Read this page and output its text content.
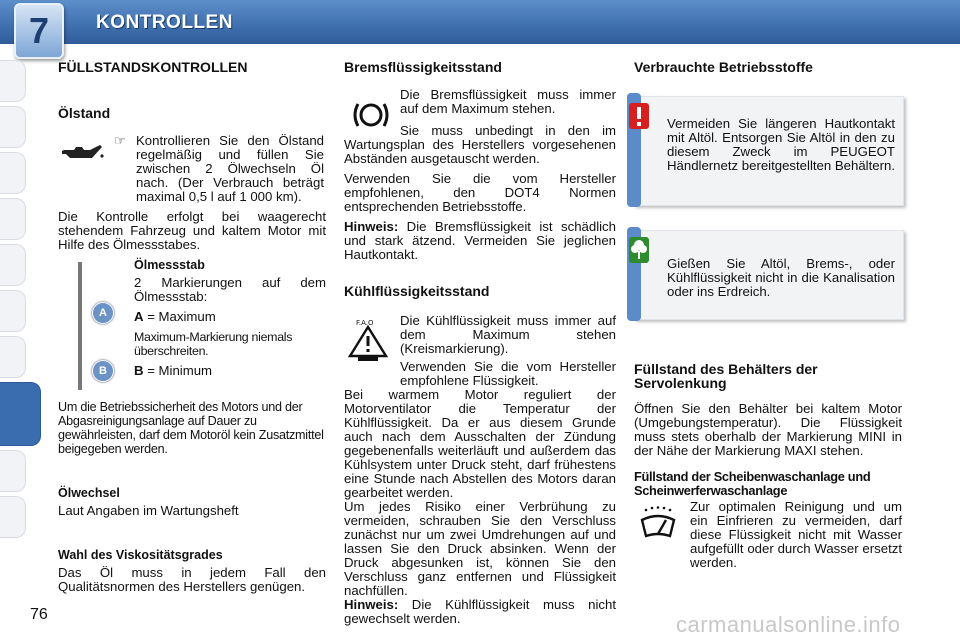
7	KONTROLLEN
FÜLLSTANDSKONTROLLEN
Ölstand
☞ Kontrollieren Sie den Ölstand regelmäßig und füllen Sie zwischen 2 Ölwechseln Öl nach. (Der Verbrauch beträgt maximal 0,5 l auf 1 000 km).

Die Kontrolle erfolgt bei waagerecht stehendem Fahrzeug und kaltem Motor mit Hilfe des Ölmessstabes.

A
B
Ölmessstab

2 Markierungen auf dem Ölmessstab:

A = Maximum

Maximum-Markierung niemals überschreiten.

B = Minimum

Um die Betriebssicherheit des Motors und der Abgasreinigungsanlage auf Dauer zu gewährleisten, darf dem Motoröl kein Zusatzmittel beigegeben werden.

Ölwechsel

Laut Angaben im Wartungsheft

Wahl des Viskositätsgrades

Das Öl muss in jedem Fall den Qualitätsnormen des Herstellers genügen.

Bremsflüssigkeitsstand

Die Bremsflüssigkeit muss immer auf dem Maximum stehen.

Sie muss unbedingt in den im Wartungsplan des Herstellers vorgesehenen Abständen ausgetauscht werden.

Verwenden Sie die vom Hersteller empfohlenen, den DOT4 Normen entsprechenden Betriebsstoffe.

Hinweis: Die Bremsflüssigkeit ist schädlich und stark ätzend. Vermeiden Sie jeglichen Hautkontakt.

Kühlflüssigkeitsstand
F.A.O Die Kühlflüssigkeit muss immer auf dem Maximum stehen (Kreismarkierung).

Verwenden Sie die vom Hersteller empfohlene Flüssigkeit.

Bei warmem Motor reguliert der Motorventilator die Temperatur der Kühlflüssigkeit. Da er aus diesem Grunde auch nach dem Ausschalten der Zündung gegebenenfalls weiterläuft und außerdem das Kühlsystem unter Druck steht, darf frühestens eine Stunde nach Abstellen des Motors daran gearbeitet werden.

Um jedes Risiko einer Verbrühung zu vermeiden, schrauben Sie den Verschluss zunächst nur um zwei Umdrehungen auf und lassen Sie den Druck absinken. Wenn der Druck abgesunken ist, können Sie den Verschluss ganz entfernen und Flüssigkeit nachfüllen.

Hinweis: Die Kühlflüssigkeit muss nicht gewechselt werden.

Verbrauchte Betriebsstoffe

Vermeiden Sie längeren Hautkontakt mit Altöl. Entsorgen Sie Altöl in den zu diesem Zweck im PEUGEOT Händlernetz bereitgestellten Behältern.

Gießen Sie Altöl, Brems-, oder Kühlflüssigkeit nicht in die Kanalisation oder ins Erdreich.

Füllstand des Behälters der Servolenkung

Öffnen Sie den Behälter bei kaltem Motor (Umgebungstemperatur). Die Flüssigkeit muss stets oberhalb der Markierung MINI in der Nähe der Markierung MAXI stehen.

Füllstand der Scheibenwaschanlage und Scheinwerferwaschanlage

Zur optimalen Reinigung und um ein Einfrieren zu vermeiden, darf diese Flüssigkeit nicht mit Wasser aufgefüllt oder durch Wasser ersetzt werden.

76	carmanualsonline.info
